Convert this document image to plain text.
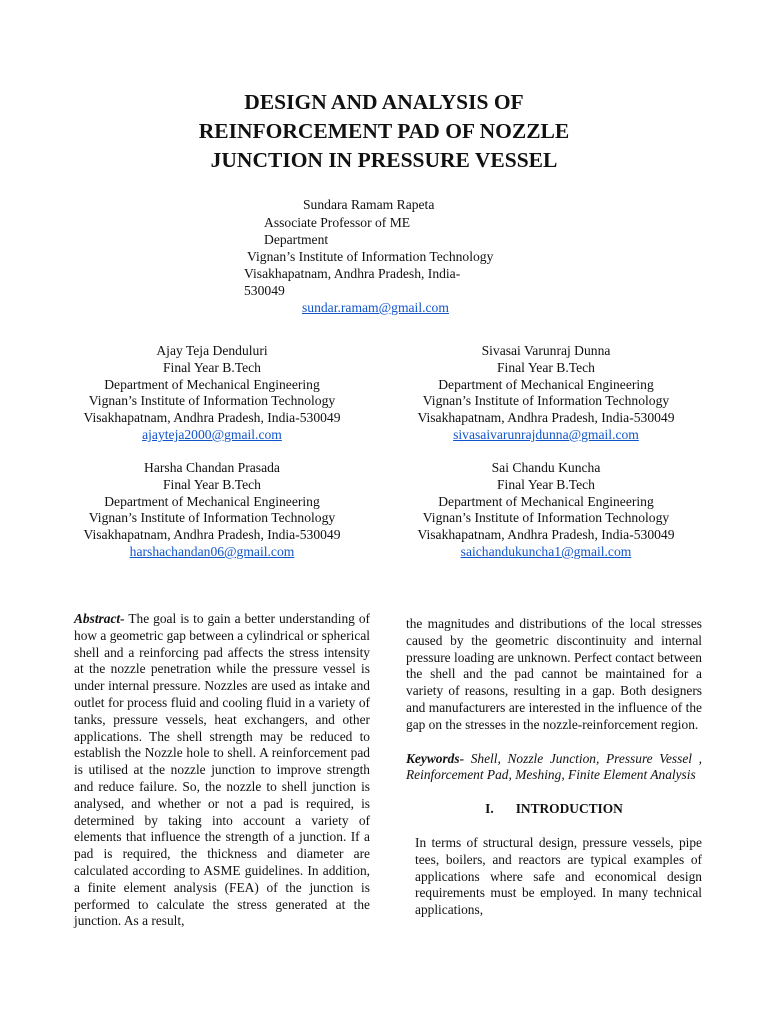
DESIGN AND ANALYSIS OF
REINFORCEMENT PAD OF NOZZLE
JUNCTION IN PRESSURE VESSEL
Sundara Ramam Rapeta
Associate Professor of ME
Department
Vignan’s Institute of Information Technology
Visakhapatnam, Andhra Pradesh, India-
530049
sundar.ramam@gmail.com
Ajay Teja Denduluri
Final Year B.Tech
Department of Mechanical Engineering
Vignan’s Institute of Information Technology
Visakhapatnam, Andhra Pradesh, India-530049
ajayteja2000@gmail.com
Sivasai Varunraj Dunna
Final Year B.Tech
Department of Mechanical Engineering
Vignan’s Institute of Information Technology
Visakhapatnam, Andhra Pradesh, India-530049
sivasaivarunrajdunna@gmail.com
Harsha Chandan Prasada
Final Year B.Tech
Department of Mechanical Engineering
Vignan’s Institute of Information Technology
Visakhapatnam, Andhra Pradesh, India-530049
harshachandan06@gmail.com
Sai Chandu Kuncha
Final Year B.Tech
Department of Mechanical Engineering
Vignan’s Institute of Information Technology
Visakhapatnam, Andhra Pradesh, India-530049
saichandukuncha1@gmail.com

Abstract- The goal is to gain a better understanding of how a geometric gap between a cylindrical or spherical shell and a reinforcing pad affects the stress intensity at the nozzle penetration while the pressure vessel is under internal pressure. Nozzles are used as intake and outlet for process fluid and cooling fluid in a variety of tanks, pressure vessels, heat exchangers, and other applications. The shell strength may be reduced to establish the Nozzle hole to shell. A reinforcement pad is utilised at the nozzle junction to improve strength and reduce failure. So, the nozzle to shell junction is analysed, and whether or not a pad is required, is determined by taking into account a variety of elements that influence the strength of a junction. If a pad is required, the thickness and diameter are calculated according to ASME guidelines. In addition, a finite element analysis (FEA) of the junction is performed to calculate the stress generated at the junction. As a result,

the magnitudes and distributions of the local stresses caused by the geometric discontinuity and internal pressure loading are unknown. Perfect contact between the shell and the pad cannot be maintained for a variety of reasons, resulting in a gap. Both designers and manufacturers are interested in the influence of the gap on the stresses in the nozzle-reinforcement region.

Keywords- Shell, Nozzle Junction, Pressure Vessel , Reinforcement Pad, Meshing, Finite Element Analysis

I. INTRODUCTION

In terms of structural design, pressure vessels, pipe tees, boilers, and reactors are typical examples of applications where safe and economical design requirements must be employed. In many technical applications,
